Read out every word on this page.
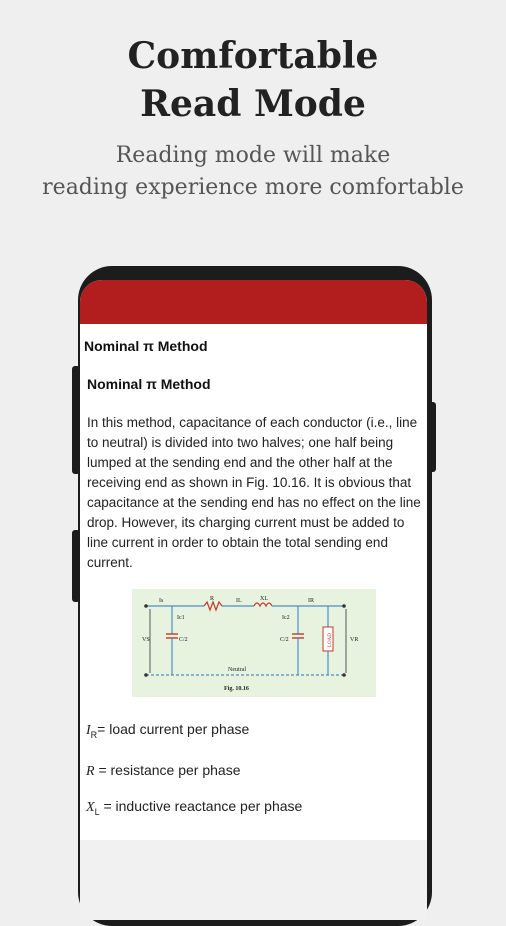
Comfortable
Read Mode
Reading mode will make
reading experience more comfortable
Nominal π Method
Nominal π Method
In this method, capacitance of each conductor (i.e., line to neutral) is divided into two halves; one half being lumped at the sending end and the other half at the receiving end as shown in Fig. 10.16. It is obvious that capacitance at the sending end has no effect on the line drop. However, its charging current must be added to line current in order to obtain the total sending end current.
Is
Ic1
C/2
VS
R	IL	XL
Ic2
C/2
IR
VR
LOAD
Neutral
Fig. 10.16
$I_R=$ load current per phase
R = resistance per phase
$X_L$ = inductive reactance per phase
